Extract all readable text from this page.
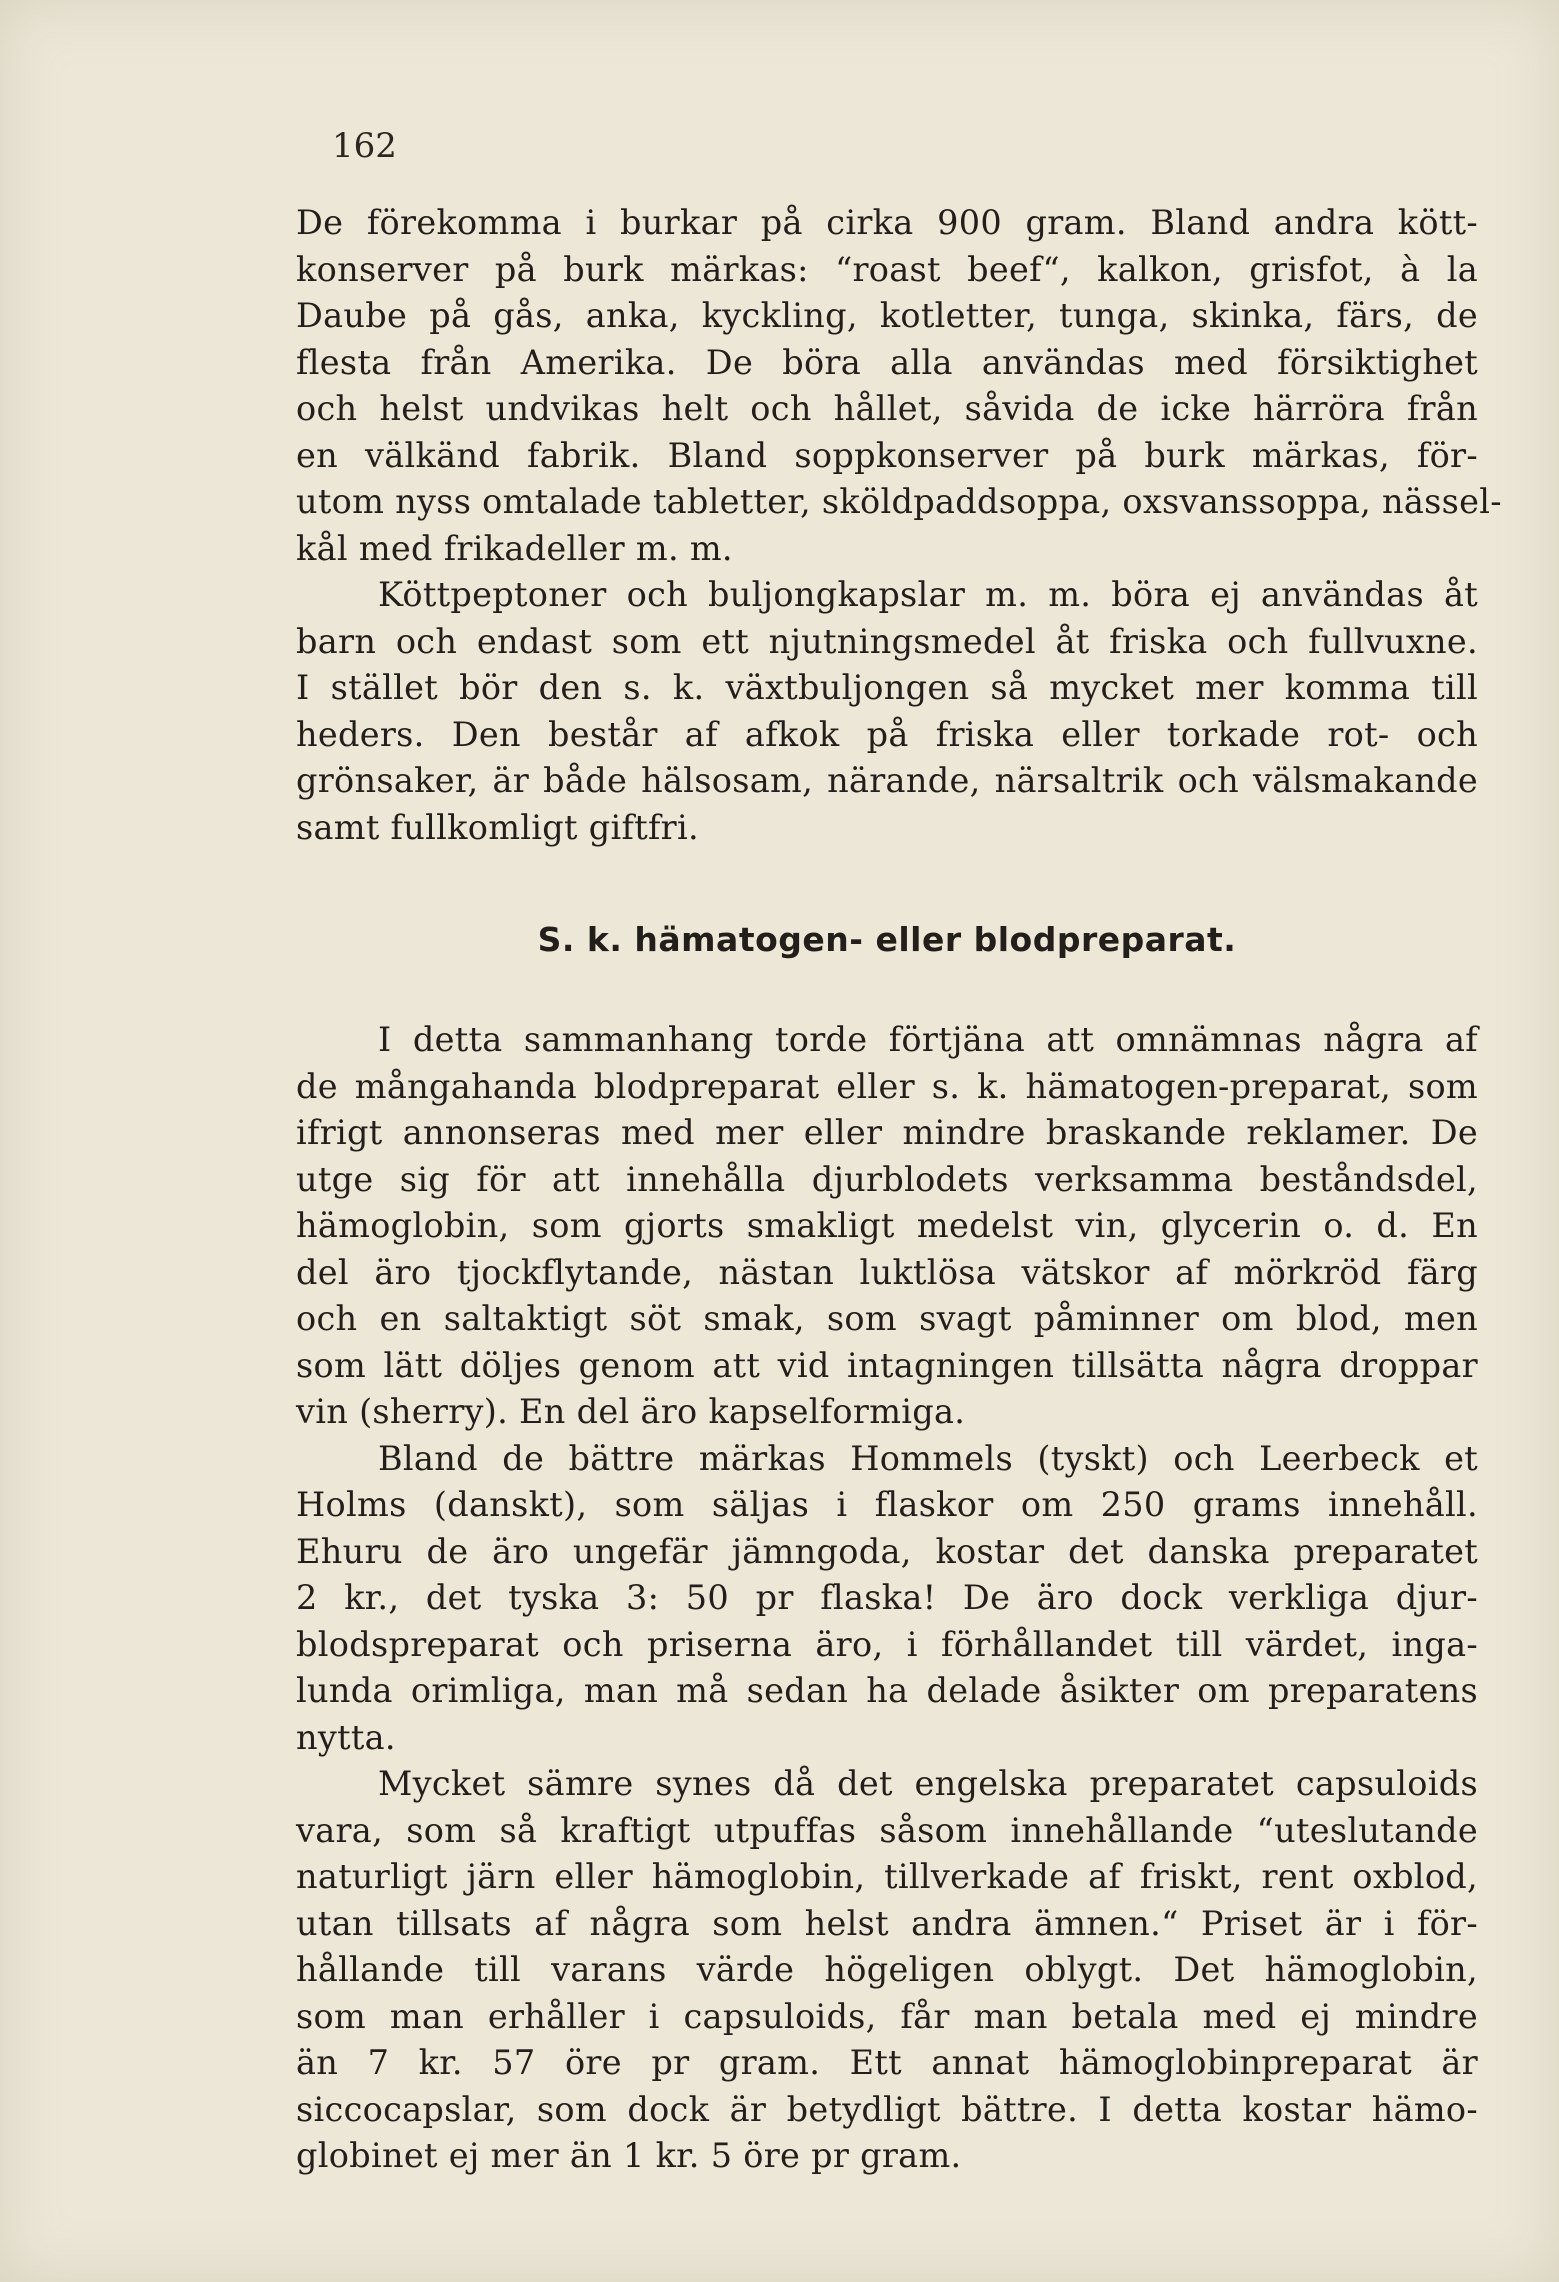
162
De förekomma i burkar på cirka 900 gram. Bland andra kött-
konserver på burk märkas: “roast beef“, kalkon, grisfot, à la
Daube på gås, anka, kyckling, kotletter, tunga, skinka, färs, de
flesta från Amerika. De böra alla användas med försiktighet
och helst undvikas helt och hållet, såvida de icke härröra från
en välkänd fabrik. Bland soppkonserver på burk märkas, för-
utom nyss omtalade tabletter, sköldpaddsoppa, oxsvanssoppa, nässel-
kål med frikadeller m. m.
Köttpeptoner och buljongkapslar m. m. böra ej användas åt
barn och endast som ett njutningsmedel åt friska och fullvuxne.
I stället bör den s. k. växtbuljongen så mycket mer komma till
heders. Den består af afkok på friska eller torkade rot- och
grönsaker, är både hälsosam, närande, närsaltrik och välsmakande
samt fullkomligt giftfri.
S. k. hämatogen- eller blodpreparat.
I detta sammanhang torde förtjäna att omnämnas några af
de mångahanda blodpreparat eller s. k. hämatogen-preparat, som
ifrigt annonseras med mer eller mindre braskande reklamer. De
utge sig för att innehålla djurblodets verksamma beståndsdel,
hämoglobin, som gjorts smakligt medelst vin, glycerin o. d. En
del äro tjockflytande, nästan luktlösa vätskor af mörkröd färg
och en saltaktigt söt smak, som svagt påminner om blod, men
som lätt döljes genom att vid intagningen tillsätta några droppar
vin (sherry). En del äro kapselformiga.
Bland de bättre märkas Hommels (tyskt) och Leerbeck et
Holms (danskt), som säljas i flaskor om 250 grams innehåll.
Ehuru de äro ungefär jämngoda, kostar det danska preparatet
2 kr., det tyska 3: 50 pr flaska! De äro dock verkliga djur-
blodspreparat och priserna äro, i förhållandet till värdet, inga-
lunda orimliga, man må sedan ha delade åsikter om preparatens
nytta.
Mycket sämre synes då det engelska preparatet capsuloids
vara, som så kraftigt utpuffas såsom innehållande “uteslutande
naturligt järn eller hämoglobin, tillverkade af friskt, rent oxblod,
utan tillsats af några som helst andra ämnen.“ Priset är i för-
hållande till varans värde högeligen oblygt. Det hämoglobin,
som man erhåller i capsuloids, får man betala med ej mindre
än 7 kr. 57 öre pr gram. Ett annat hämoglobinpreparat är
siccocapslar, som dock är betydligt bättre. I detta kostar hämo-
globinet ej mer än 1 kr. 5 öre pr gram.
